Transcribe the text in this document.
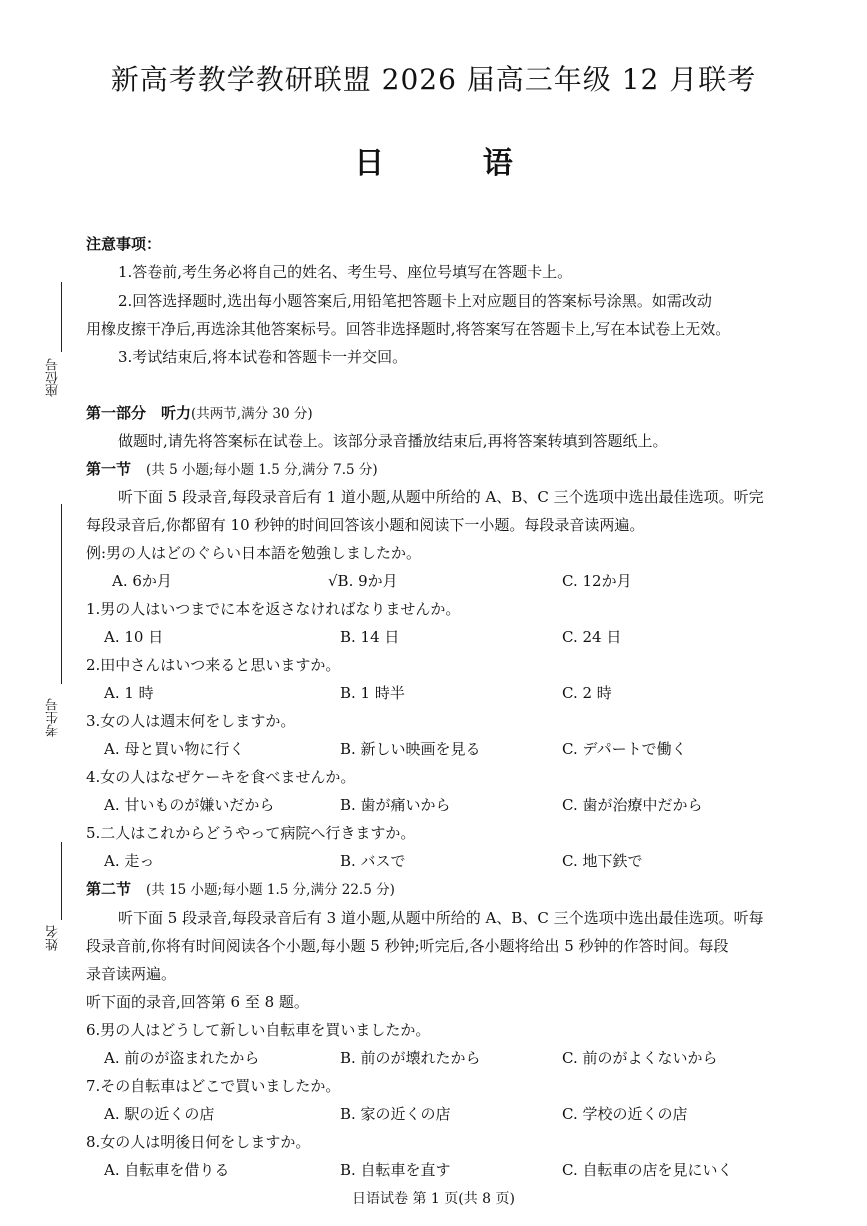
新高考教学教研联盟 2026 届高三年级 12 月联考
日 语
座位号
考生号
姓名
注意事项：
1.答卷前,考生务必将自己的姓名、考生号、座位号填写在答题卡上。
2.回答选择题时,选出每小题答案后,用铅笔把答题卡上对应题目的答案标号涂黑。如需改动
用橡皮擦干净后,再选涂其他答案标号。回答非选择题时,将答案写在答题卡上,写在本试卷上无效。
3.考试结束后,将本试卷和答题卡一并交回。
第一部分　听力(共两节,满分 30 分)
做题时,请先将答案标在试卷上。该部分录音播放结束后,再将答案转填到答题纸上。
第一节　 (共 5 小题;每小题 1.5 分,满分 7.5 分)
听下面 5 段录音,每段录音后有 1 道小题,从题中所给的 A、B、C 三个选项中选出最佳选项。听完
每段录音后,你都留有 10 秒钟的时间回答该小题和阅读下一小题。每段录音读两遍。
例:男の人はどのぐらい日本語を勉強しましたか。
A. 6か月	√B. 9か月	C. 12か月
1.男の人はいつまでに本を返さなければなりませんか。
A. 10 日	B. 14 日	C. 24 日
2.田中さんはいつ来ると思いますか。
A. 1 時	B. 1 時半	C. 2 時
3.女の人は週末何をしますか。
A. 母と買い物に行く	B. 新しい映画を見る	C. デパートで働く
4.女の人はなぜケーキを食べませんか。
A. 甘いものが嫌いだから	B. 歯が痛いから	C. 歯が治療中だから
5.二人はこれからどうやって病院へ行きますか。
A. 走っ	B. バスで	C. 地下鉄で
第二节　 (共 15 小题;每小题 1.5 分,满分 22.5 分)
听下面 5 段录音,每段录音后有 3 道小题,从题中所给的 A、B、C 三个选项中选出最佳选项。听每
段录音前,你将有时间阅读各个小题,每小题 5 秒钟;听完后,各小题将给出 5 秒钟的作答时间。每段
录音读两遍。
听下面的录音,回答第 6 至 8 题。
6.男の人はどうして新しい自転車を買いましたか。
A. 前のが盗まれたから	B. 前のが壊れたから	C. 前のがよくないから
7.その自転車はどこで買いましたか。
A. 駅の近くの店	B. 家の近くの店	C. 学校の近くの店
8.女の人は明後日何をしますか。
A. 自転車を借りる	B. 自転車を直す	C. 自転車の店を見にいく
日语试卷 第 1 页(共 8 页)
